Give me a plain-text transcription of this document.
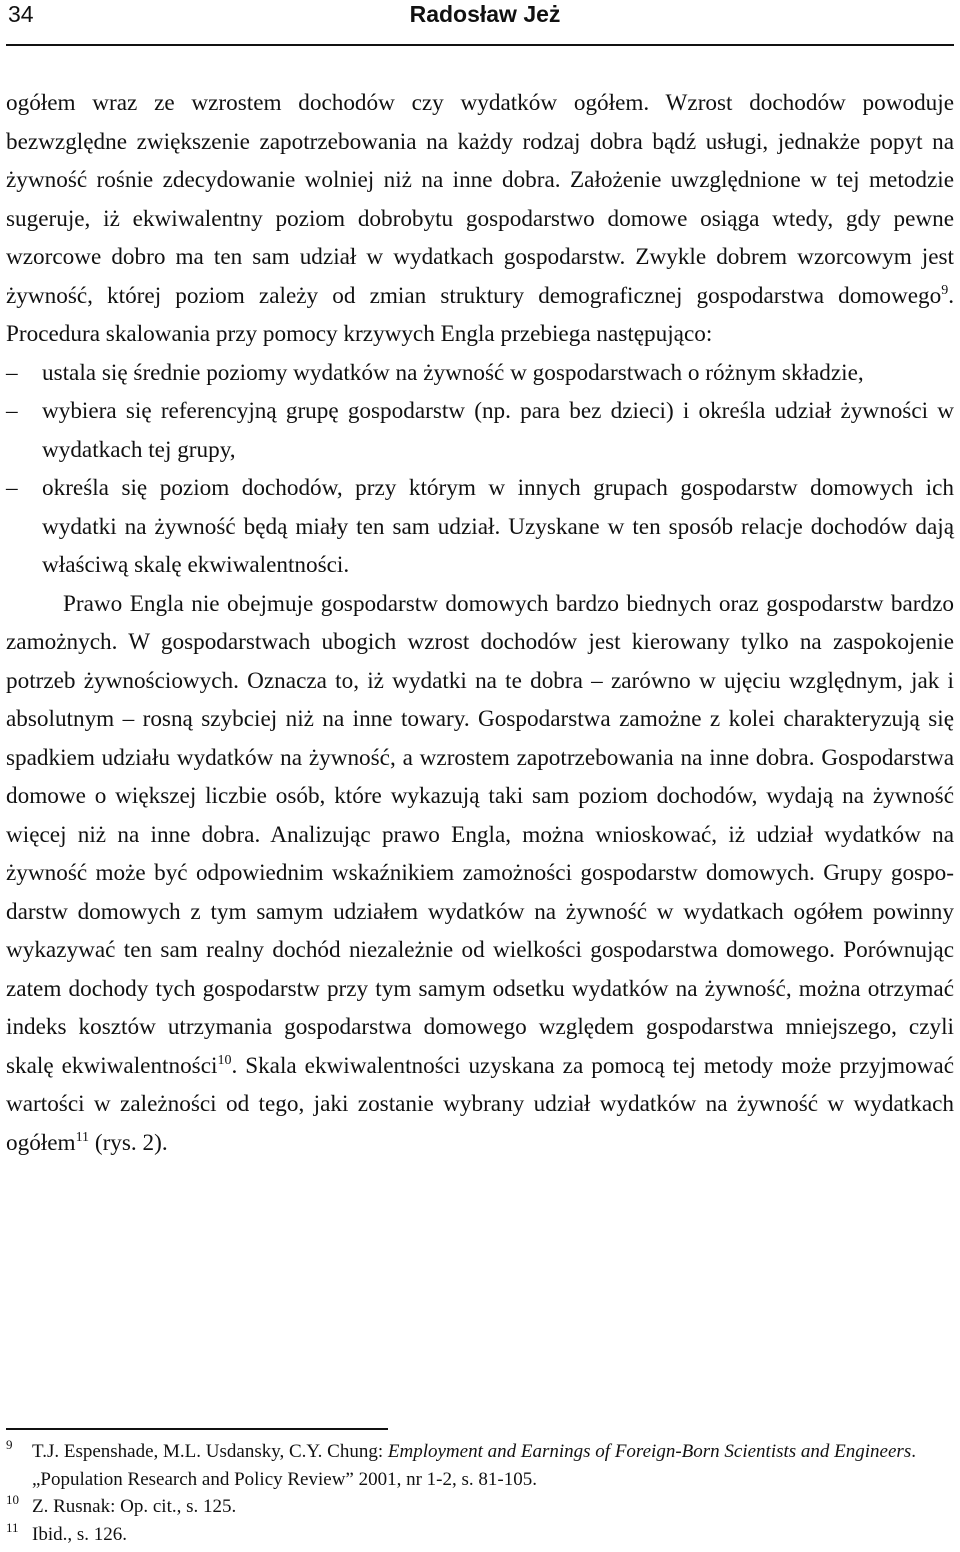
34	Radosław Jeż

ogółem wraz ze wzrostem dochodów czy wydatków ogółem. Wzrost dochodów powoduje bezwzględne zwiększenie zapotrzebowania na każdy rodzaj dobra bądź usługi, jednakże popyt na żywność rośnie zdecydowanie wolniej niż na inne dobra. Założenie uwzględnione w tej metodzie sugeruje, iż ekwiwalentny poziom dobrobytu gospodarstwo domowe osiąga wtedy, gdy pewne wzorcowe dobro ma ten sam udział w wydatkach gospodarstw. Zwykle dobrem wzorcowym jest żywność, której poziom zależy od zmian struktury demograficznej gospodarstwa domowego$^9$. Procedura skalowania przy pomocy krzywych Engla przebiega następująco:

– ustala się średnie poziomy wydatków na żywność w gospodarstwach o różnym składzie,
– wybiera się referencyjną grupę gospodarstw (np. para bez dzieci) i określa udział żywności w wydatkach tej grupy,
– określa się poziom dochodów, przy którym w innych grupach gospodarstw domowych ich wydatki na żywność będą miały ten sam udział. Uzyskane w ten sposób relacje dochodów dają właściwą skalę ekwiwalentności.

Prawo Engla nie obejmuje gospodarstw domowych bardzo biednych oraz gospodarstw bardzo zamożnych. W gospodarstwach ubogich wzrost dochodów jest kierowany tylko na zaspokojenie potrzeb żywnościowych. Oznacza to, iż wydatki na te dobra – zarówno w ujęciu względnym, jak i absolutnym – rosną szybciej niż na inne towary. Gospodarstwa zamożne z kolei charakteryzują się spadkiem udziału wydatków na żywność, a wzrostem zapotrzebowania na inne dobra. Gospodarstwa domowe o większej liczbie osób, które wykazują taki sam poziom dochodów, wydają na żywność więcej niż na inne dobra. Analizując prawo Engla, można wnioskować, iż udział wydatków na żywność może być odpowiednim wskaźnikiem zamożności gospodarstw domowych. Grupy gospodarstw domowych z tym samym udziałem wydatków na żywność w wydatkach ogółem powinny wykazywać ten sam realny dochód niezależnie od wielkości gospodarstwa domowego. Porównując zatem dochody tych gospodarstw przy tym samym odsetku wydatków na żywność, można otrzymać indeks kosztów utrzymania gospodarstwa domowego względem gospodarstwa mniejszego, czyli skalę ekwiwalentności$^{10}$. Skala ekwiwalentności uzyskana za pomocą tej metody może przyjmować wartości w zależności od tego, jaki zostanie wybrany udział wydatków na żywność w wydatkach ogółem$^{11}$ (rys. 2).

9 T.J. Espenshade, M.L. Usdansky, C.Y. Chung: Employment and Earnings of Foreign-Born Scientists and Engineers. „Population Research and Policy Review” 2001, nr 1-2, s. 81-105.
10 Z. Rusnak: Op. cit., s. 125.
11 Ibid., s. 126.
